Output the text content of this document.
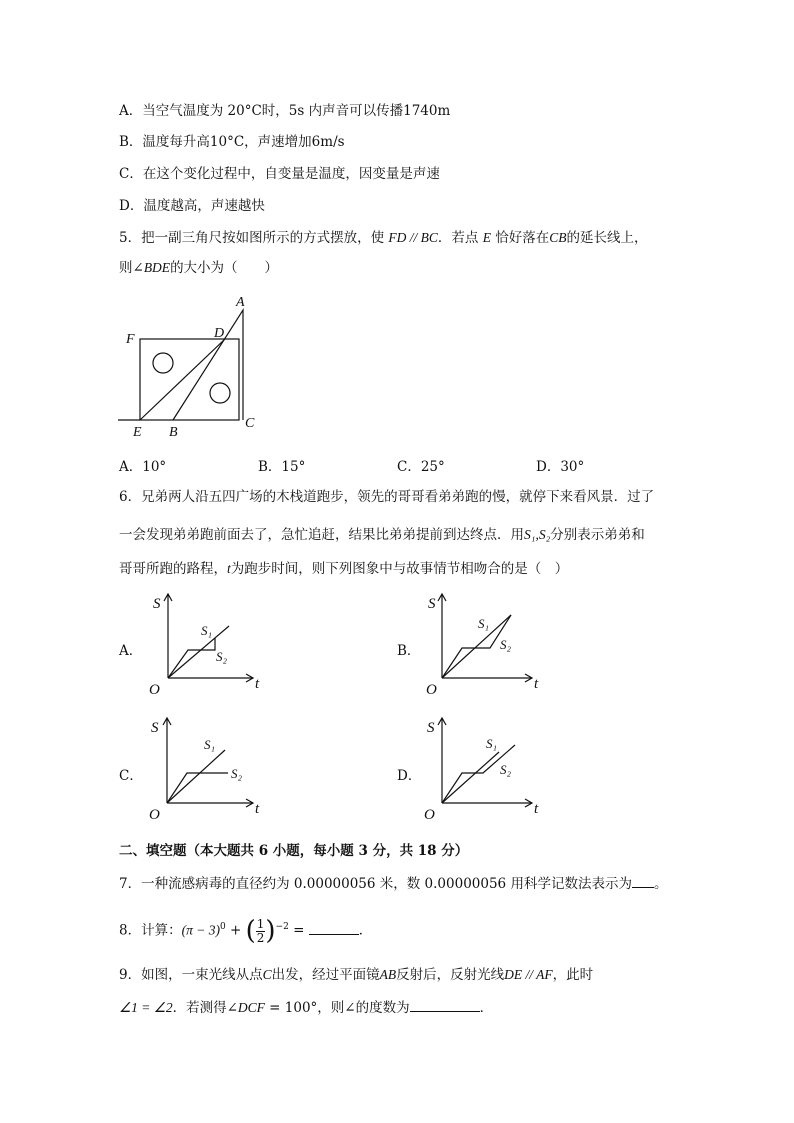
A．当空气温度为 20°C时，5s 内声音可以传播1740m
B．温度每升高10°C，声速增加6m/s
C．在这个变化过程中，自变量是温度，因变量是声速
D．温度越高，声速越快
5．把一副三角尺按如图所示的方式摆放，使 FD // BC．若点 E 恰好落在CB的延长线上，
则∠BDE的大小为（　　）
A
D
F
E B
C
A．10°	B．15°	C．25°	D．30°
6．兄弟两人沿五四广场的木栈道跑步，领先的哥哥看弟弟跑的慢，就停下来看风景．过了
一会发现弟弟跑前面去了，急忙追赶，结果比弟弟提前到达终点．用S₁,S₂分别表示弟弟和
哥哥所跑的路程，t为跑步时间，则下列图象中与故事情节相吻合的是（　）
A．
S
t
O
S₁
S₂	B．
S
t
O
S₁
S₂
C．
S
t
O
S₁
S₂	D．
S
t
O
S₁
S₂
二、填空题（本大题共 6 小题，每小题 3 分，共 18 分）
7．一种流感病毒的直径约为 0.00000056 米，数 0.00000056 用科学记数法表示为 。
8．计算：$(\pi - 3)^0$ + ( $\frac{1}{2} )^{-2}$ =	．
9．如图，一束光线从点C出发，经过平面镜AB反射后，反射光线DE // AF，此时
∠1 = ∠2．若测得∠DCF = 100°，则∠的度数为	．
